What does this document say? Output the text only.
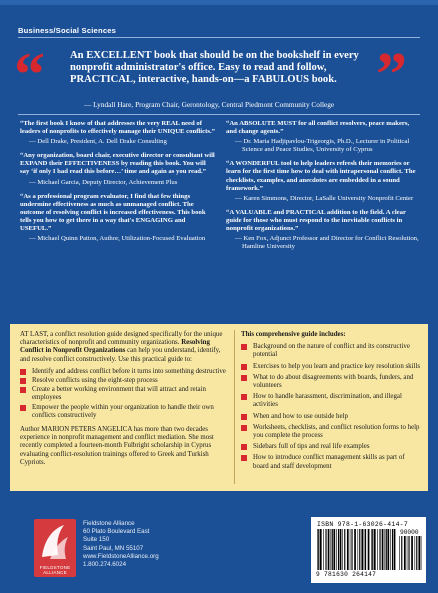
Business/Social Sciences
“	”
An EXCELLENT book that should be on the bookshelf in every nonprofit administrator's office. Easy to read and follow, PRACTICAL, interactive, hands-on—a FABULOUS book.
— Lyndall Hare, Program Chair, Gerontology, Central Piedmont Community College
“The first book I know of that addresses the very REAL need of leaders of nonprofits to effectively manage their UNIQUE conflicts.”
— Dell Drake, President, A. Dell Drake Consulting
“Any organization, board chair, executive director or consultant will EXPAND their EFFECTIVENESS by reading this book. You will say ‘if only I had read this before…’ time and again as you read.”
— Michael Garcia, Deputy Director, Achievement Plus
“As a professional program evaluator, I find that few things undermine effectiveness as much as unmanaged conflict. The outcome of resolving conflict is increased effectiveness. This book tells you how to get there in a way that's ENGAGING and USEFUL.”
— Michael Quinn Patton, Author, Utilization-Focused Evaluation
“An ABSOLUTE MUST for all conflict resolvers, peace makers, and change agents.”
— Dr. Maria Hadjipavlou-Trigeorgis, Ph.D., Lecturer in Political Science and Peace Studies, University of Cyprus
“A WONDERFUL tool to help leaders refresh their memories or learn for the first time how to deal with intrapersonal conflict. The checklists, examples, and anecdotes are embedded in a sound framework.”
— Karen Simmons, Director, LaSalle University Nonprofit Center
“A VALUABLE and PRACTICAL addition to the field. A clear guide for those who must respond to the inevitable conflicts in nonprofit organizations.”
— Ken Fox, Adjunct Professor and Director for Conflict Resolution, Hamline University
AT LAST, a conflict resolution guide designed specifically for the unique characteristics of nonprofit and community organizations. Resolving Conflict in Nonprofit Organizations can help you understand, identify, and resolve conflict constructively. Use this practical guide to:
Identify and address conflict before it turns into something destructive
Resolve conflicts using the eight-step process
Create a better working environment that will attract and retain employees
Empower the people within your organization to handle their own conflicts constructively
Author MARION PETERS ANGELICA has more than two decades experience in nonprofit management and conflict mediation. She most recently completed a fourteen-month Fulbright scholarship in Cyprus evaluating conflict-resolution trainings offered to Greek and Turkish Cypriots.
This comprehensive guide includes:
Background on the nature of conflict and its constructive potential
Exercises to help you learn and practice key resolution skills
What to do about disagreements with boards, funders, and volunteers
How to handle harassment, discrimination, and illegal activities
When and how to use outside help
Worksheets, checklists, and conflict resolution forms to help you complete the process
Sidebars full of tips and real life examples
How to introduce conflict management skills as part of board and staff development
FIELDSTONE ALLIANCE
Fieldstone Alliance
60 Plato Boulevard East
Suite 150
Saint Paul, MN 55107
www.FieldstoneAlliance.org
1.800.274.6024
ISBN 978-1-63026-414-7
90000
9 781630 264147
